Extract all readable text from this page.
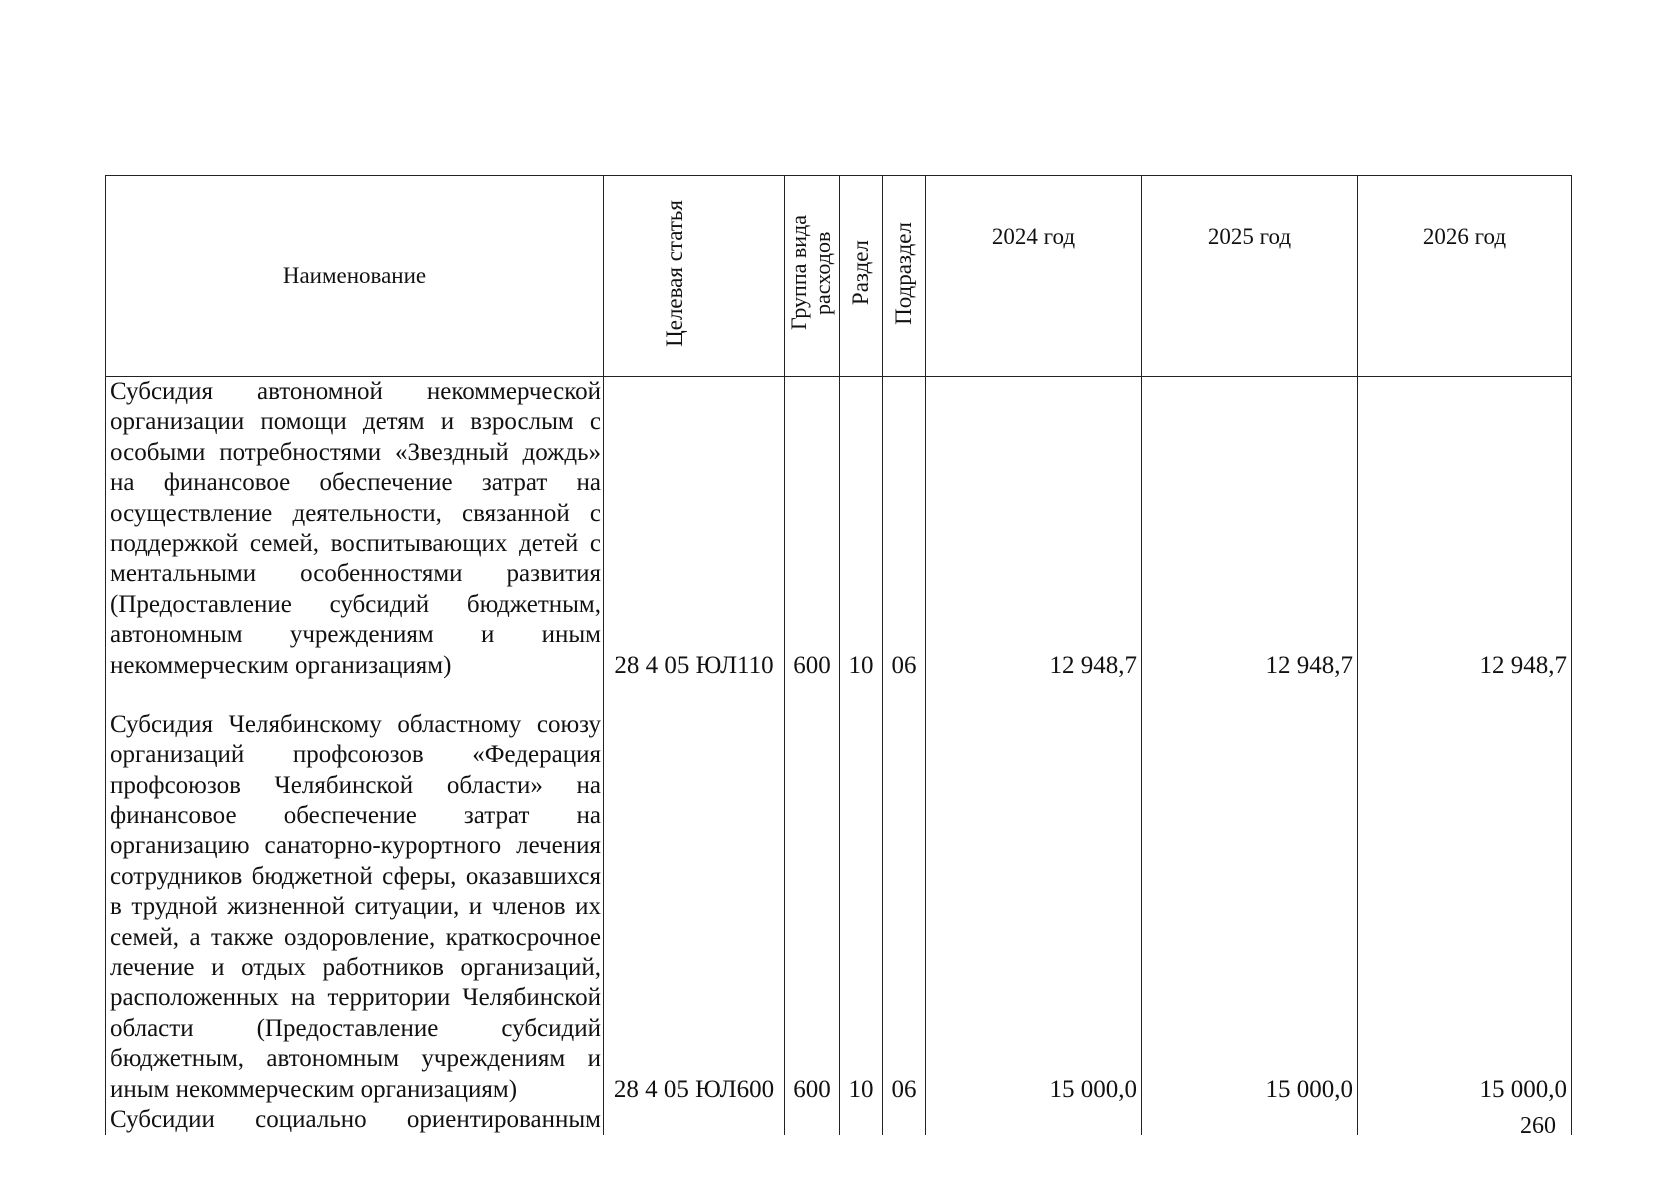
Наименование	Целевая статья	Группа вида расходов	Раздел	Подраздел	2024 год	2025 год	2026 год
Субсидия автономной некоммерческой организации помощи детям и взрослым с особыми потребностями «Звездный дождь» на финансовое обеспечение затрат на осуществление деятельности, связанной с поддержкой семей, воспитывающих детей с ментальными особенностями развития (Предоставление субсидий бюджетным, автономным учреждениям и иным некоммерческим организациям)	28 4 05 ЮЛ110	600	10	06	12 948,7	12 948,7	12 948,7
Субсидия Челябинскому областному союзу организаций профсоюзов «Федерация профсоюзов Челябинской области» на финансовое обеспечение затрат на организацию санаторно-курортного лечения сотрудников бюджетной сферы, оказавшихся в трудной жизненной ситуации, и членов их семей, а также оздоровление, краткосрочное лечение и отдых работников организаций, расположенных на территории Челябинской области (Предоставление субсидий бюджетным, автономным учреждениям и иным некоммерческим организациям)	28 4 05 ЮЛ600	600	10	06	15 000,0	15 000,0	15 000,0
Субсидии социально ориентированным								260
